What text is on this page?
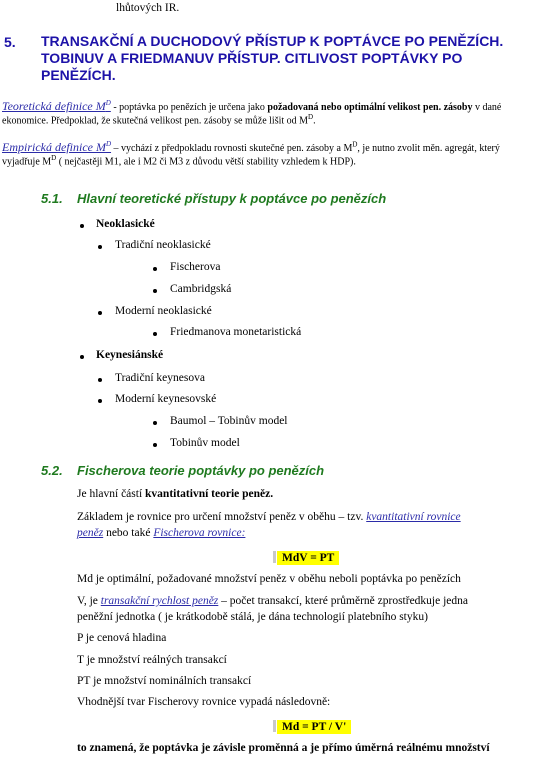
lhůtových IR.
5. TRANSAKČNÍ A DUCHODOVÝ PŘÍSTUP K POPTÁVCE PO PENĚZÍCH.
TOBINUV A FRIEDMANUV PŘÍSTUP. CITLIVOST POPTÁVKY PO
PENĚZÍCH.
Teoretická definice $M^D$ - poptávka po penězích je určena jako požadovaná nebo optimální velikost pen. zásoby v dané
ekonomice. Předpoklad, že skutečná velikost pen. zásoby se může lišit od $M^D$.
Empirická definice $M^D$ – vychází z předpokladu rovnosti skutečné pen. zásoby a $M^D$, je nutno zvolit měn. agregát, který
vyjadřuje $M^D$ ( nejčastěji M1, ale i M2 či M3 z důvodu větší stability vzhledem k HDP).
5.1. Hlavní teoretické přístupy k poptávce po penězích
Neoklasické
Tradiční neoklasické
Fischerova
Cambridgská
Moderní neoklasické
Friedmanova monetaristická
Keynesiánské
Tradiční keynesova
Moderní keynesovské
Baumol – Tobinův model
Tobinův model
5.2. Fischerova teorie poptávky po penězích
Je hlavní částí kvantitativní teorie peněz.
Základem je rovnice pro určení množství peněz v oběhu – tzv. kvantitativní rovnice
peněz nebo také Fischerova rovnice:
MdV = PT
Md je optimální, požadované množství peněz v oběhu neboli poptávka po penězích
V, je transakční rychlost peněz – počet transakcí, které průměrně zprostředkuje jedna
peněžní jednotka ( je krátkodobě stálá, je dána technologií platebního styku)
P je cenová hladina
T je množství reálných transakcí
PT je množství nominálních transakcí
Vhodnější tvar Fischerovy rovnice vypadá následovně:
Md = PT / V'
to znamená, že poptávka je závisle proměnná a je přímo úměrná reálnému množství
